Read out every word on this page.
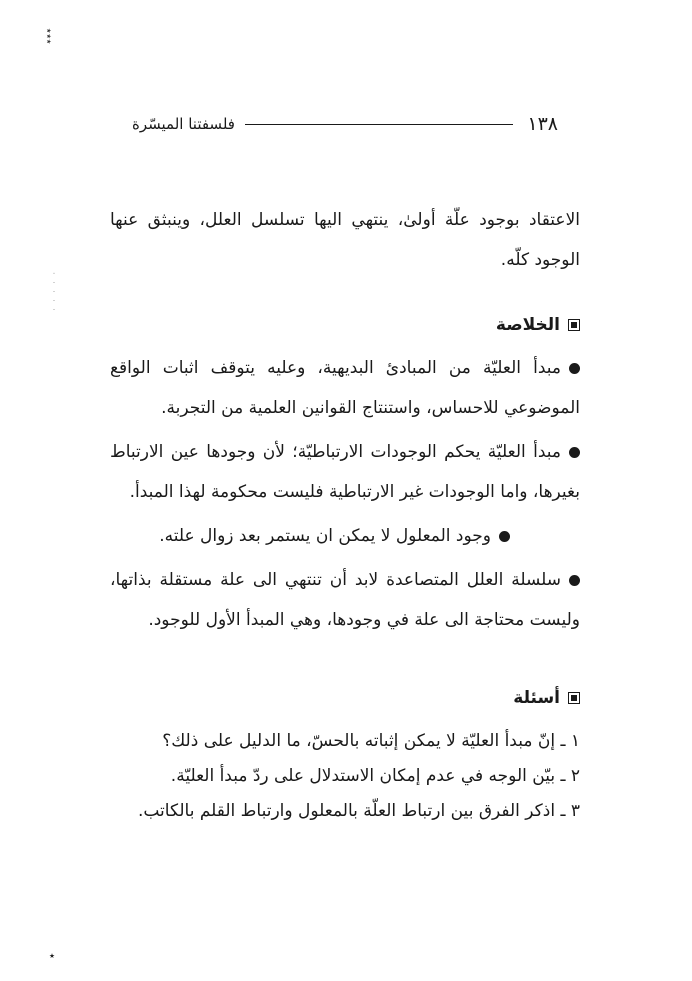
٭٭٭
· · · · ·
٭
١٣٨
فلسفتنا الميسّرة

الاعتقاد بوجود علّة أولىٰ، ينتهي اليها تسلسل العلل، وينبثق عنها الوجود كلّه.

الخلاصة
مبدأ العليّة من المبادئ البديهية، وعليه يتوقف اثبات الواقع الموضوعي للاحساس، واستنتاج القوانين العلمية من التجربة.
مبدأ العليّة يحكم الوجودات الارتباطيّة؛ لأن وجودها عين الارتباط بغيرها، واما الوجودات غير الارتباطية فليست محكومة لهذا المبدأ.
وجود المعلول لا يمكن ان يستمر بعد زوال علته.
سلسلة العلل المتصاعدة لابد أن تنتهي الى علة مستقلة بذاتها، وليست محتاجة الى علة في وجودها، وهي المبدأ الأول للوجود.
أسئلة
١ ـ إنّ مبدأ العليّة لا يمكن إثباته بالحسّ، ما الدليل على ذلك؟
٢ ـ بيّن الوجه في عدم إمكان الاستدلال على ردّ مبدأ العليّة.
٣ ـ اذكر الفرق بين ارتباط العلّة بالمعلول وارتباط القلم بالكاتب.
